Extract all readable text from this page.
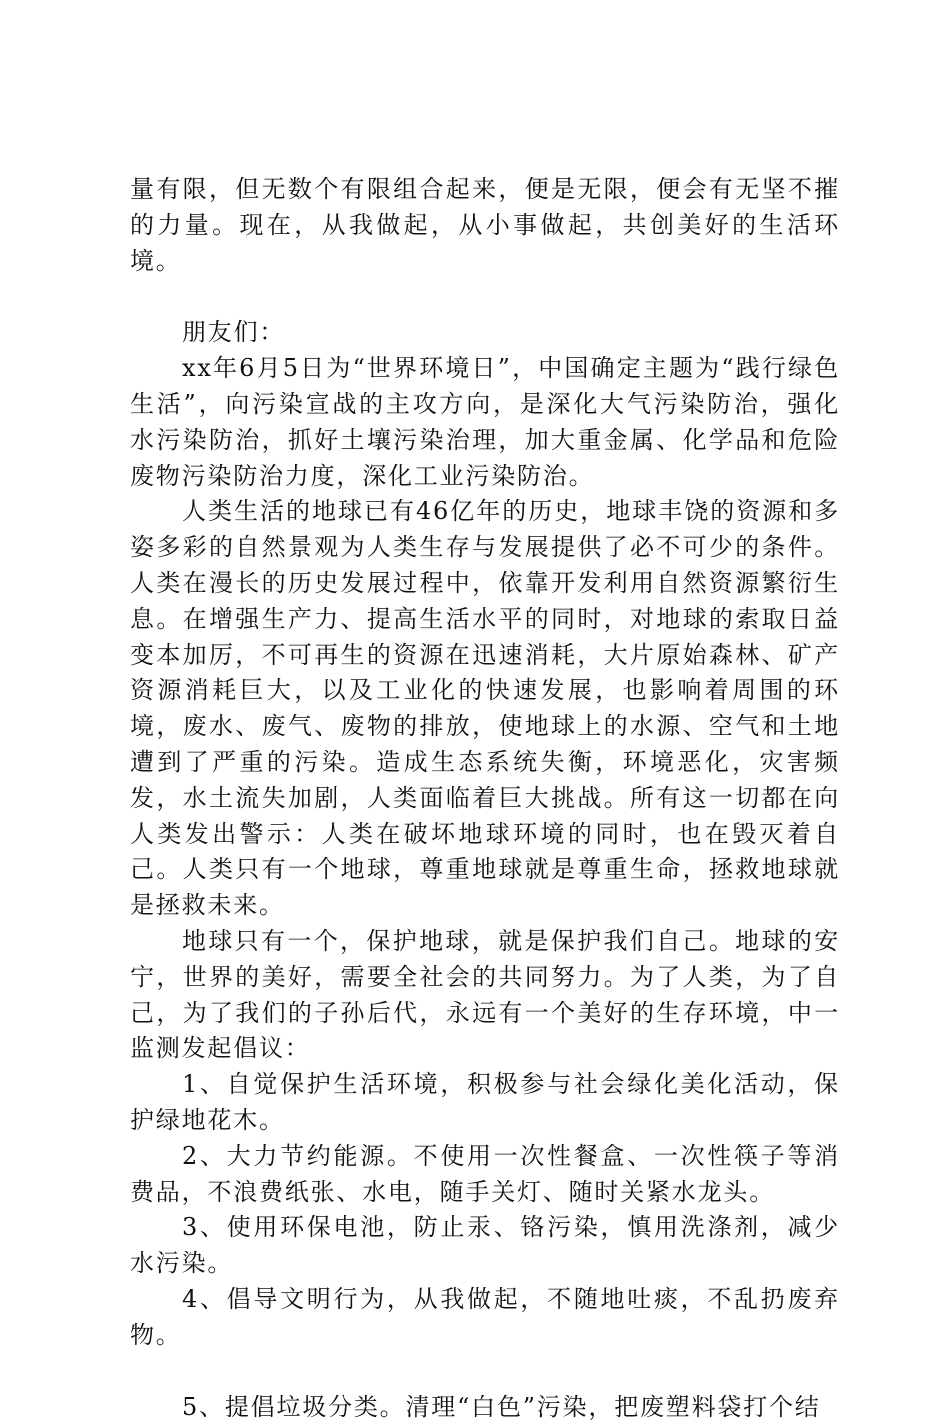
量有限，但无数个有限组合起来，便是无限，便会有无坚不摧的力量。现在，从我做起，从小事做起，共创美好的生活环境。

朋友们：

xx年6月5日为“世界环境日”，中国确定主题为“践行绿色生活”，向污染宣战的主攻方向，是深化大气污染防治，强化水污染防治，抓好土壤污染治理，加大重金属、化学品和危险废物污染防治力度，深化工业污染防治。

人类生活的地球已有46亿年的历史，地球丰饶的资源和多姿多彩的自然景观为人类生存与发展提供了必不可少的条件。人类在漫长的历史发展过程中，依靠开发利用自然资源繁衍生息。在增强生产力、提高生活水平的同时，对地球的索取日益变本加厉，不可再生的资源在迅速消耗，大片原始森林、矿产资源消耗巨大，以及工业化的快速发展，也影响着周围的环境，废水、废气、废物的排放，使地球上的水源、空气和土地遭到了严重的污染。造成生态系统失衡，环境恶化，灾害频发，水土流失加剧，人类面临着巨大挑战。所有这一切都在向人类发出警示：人类在破坏地球环境的同时，也在毁灭着自己。人类只有一个地球，尊重地球就是尊重生命，拯救地球就是拯救未来。

地球只有一个，保护地球，就是保护我们自己。地球的安宁，世界的美好，需要全社会的共同努力。为了人类，为了自己，为了我们的子孙后代，永远有一个美好的生存环境，中一监测发起倡议：

1、自觉保护生活环境，积极参与社会绿化美化活动，保护绿地花木。

2、大力节约能源。不使用一次性餐盒、一次性筷子等消费品，不浪费纸张、水电，随手关灯、随时关紧水龙头。

3、使用环保电池，防止汞、铬污染，慎用洗涤剂，减少水污染。

4、倡导文明行为，从我做起，不随地吐痰，不乱扔废弃物。

5、提倡垃圾分类。清理“白色”污染，把废塑料袋打个结
